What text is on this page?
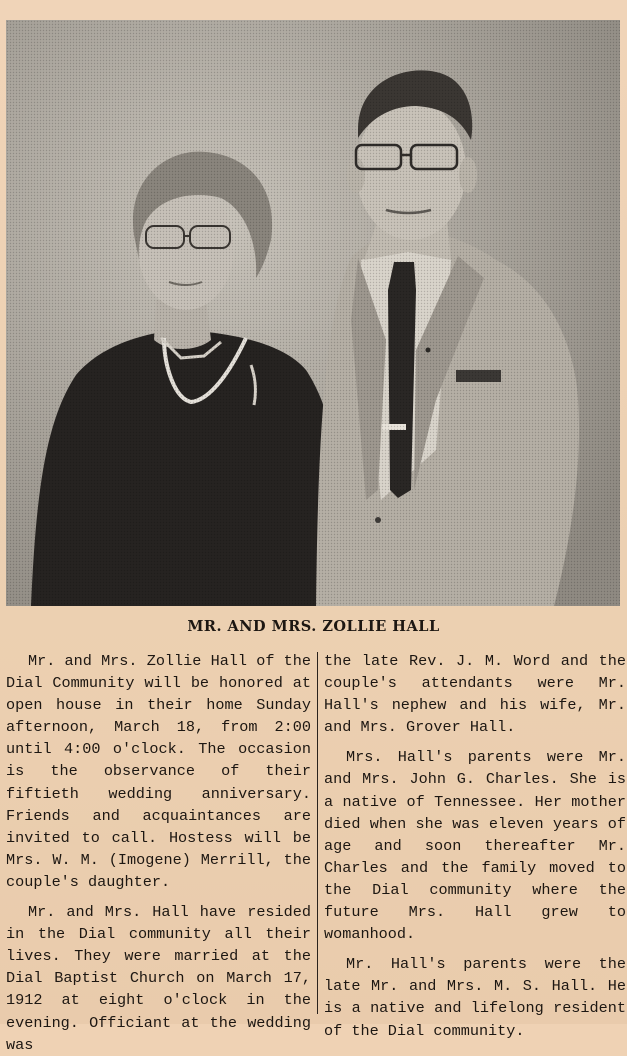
MR. AND MRS. ZOLLIE HALL

Mr. and Mrs. Zollie Hall of the Dial Community will be honored at open house in their home Sunday afternoon, March 18, from 2:00 until 4:00 o'clock. The occasion is the observance of their fiftieth wedding anniversary. Friends and acquaintances are invited to call. Hostess will be Mrs. W. M. (Imogene) Merrill, the couple's daughter.

Mr. and Mrs. Hall have resided in the Dial community all their lives. They were married at the Dial Baptist Church on March 17, 1912 at eight o'clock in the evening. Officiant at the wedding was

the late Rev. J. M. Word and the couple's attendants were Mr. Hall's nephew and his wife, Mr. and Mrs. Grover Hall.

Mrs. Hall's parents were Mr. and Mrs. John G. Charles. She is a native of Tennessee. Her mother died when she was eleven years of age and soon thereafter Mr. Charles and the family moved to the Dial community where the future Mrs. Hall grew to womanhood.

Mr. Hall's parents were the late Mr. and Mrs. M. S. Hall. He is a native and lifelong resident of the Dial community.
